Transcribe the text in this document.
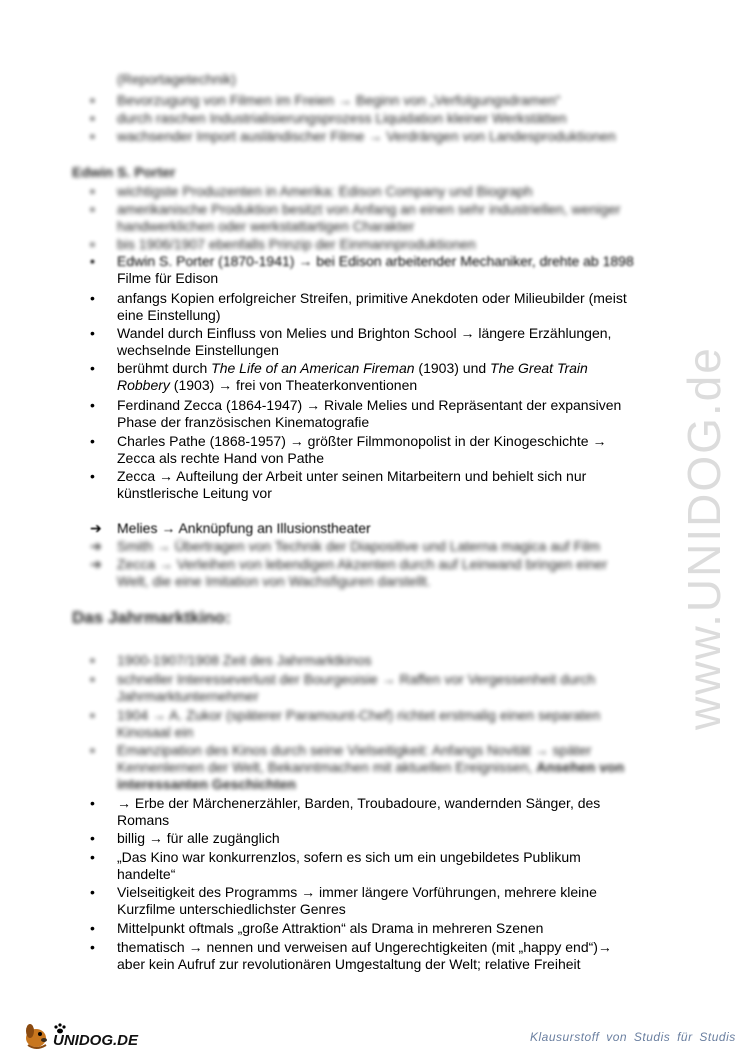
(Reportagetechnik)
•	Bevorzugung von Filmen im Freien → Beginn von „Verfolgungsdramen“
•	durch raschen Industrialisierungsprozess Liquidation kleiner Werkstätten
•	wachsender Import ausländischer Filme → Verdrängen von Landesproduktionen
Edwin S. Porter
•	wichtigste Produzenten in Amerika: Edison Company und Biograph
•	amerikanische Produktion besitzt von Anfang an einen sehr industriellen, weniger
handwerklichen oder werkstattartigen Charakter
•	bis 1906/1907 ebenfalls Prinzip der Einmannproduktionen
•	Edwin S. Porter (1870-1941) → bei Edison arbeitender Mechaniker, drehte ab 1898
Filme für Edison
•	anfangs Kopien erfolgreicher Streifen, primitive Anekdoten oder Milieubilder (meist
eine Einstellung)
•	Wandel durch Einfluss von Melies und Brighton School → längere Erzählungen,
wechselnde Einstellungen
•	berühmt durch The Life of an American Fireman (1903) und The Great Train
Robbery (1903) → frei von Theaterkonventionen
•	Ferdinand Zecca (1864-1947) → Rivale Melies und Repräsentant der expansiven
Phase der französischen Kinematografie
•	Charles Pathe (1868-1957) → größter Filmmonopolist in der Kinogeschichte →
Zecca als rechte Hand von Pathe
•	Zecca → Aufteilung der Arbeit unter seinen Mitarbeitern und behielt sich nur
künstlerische Leitung vor
➔ Melies → Anknüpfung an Illusionstheater
➔ Smith → Übertragen von Technik der Diapositive und Laterna magica auf Film
➔ Zecca → Verleihen von lebendigen Akzenten durch auf Leinwand bringen einer
Welt, die eine Imitation von Wachsfiguren darstellt.
Das Jahrmarktkino:
•	1900-1907/1908 Zeit des Jahrmarktkinos
•	schneller Interesseverlust der Bourgeoisie → Raffen vor Vergessenheit durch
Jahrmarktunternehmer
•	1904 → A. Zukor (späterer Paramount-Chef) richtet erstmalig einen separaten
Kinosaal ein
•	Emanzipation des Kinos durch seine Vielseitigkeit: Anfangs Novität → später
Kennenlernen der Welt, Bekanntmachen mit aktuellen Ereignissen, Ansehen von
interessanten Geschichten
•	→ Erbe der Märchenerzähler, Barden, Troubadoure, wandernden Sänger, des
Romans
•	billig → für alle zugänglich
•	„Das Kino war konkurrenzlos, sofern es sich um ein ungebildetes Publikum
handelte“
•	Vielseitigkeit des Programms → immer längere Vorführungen, mehrere kleine
Kurzfilme unterschiedlichster Genres
•	Mittelpunkt oftmals „große Attraktion“ als Drama in mehreren Szenen
•	thematisch → nennen und verweisen auf Ungerechtigkeiten (mit „happy end“)→
aber kein Aufruf zur revolutionären Umgestaltung der Welt; relative Freiheit
www.UNIDOG.de
UNIDOG.DE	Klausurstoff von Studis für Studis
